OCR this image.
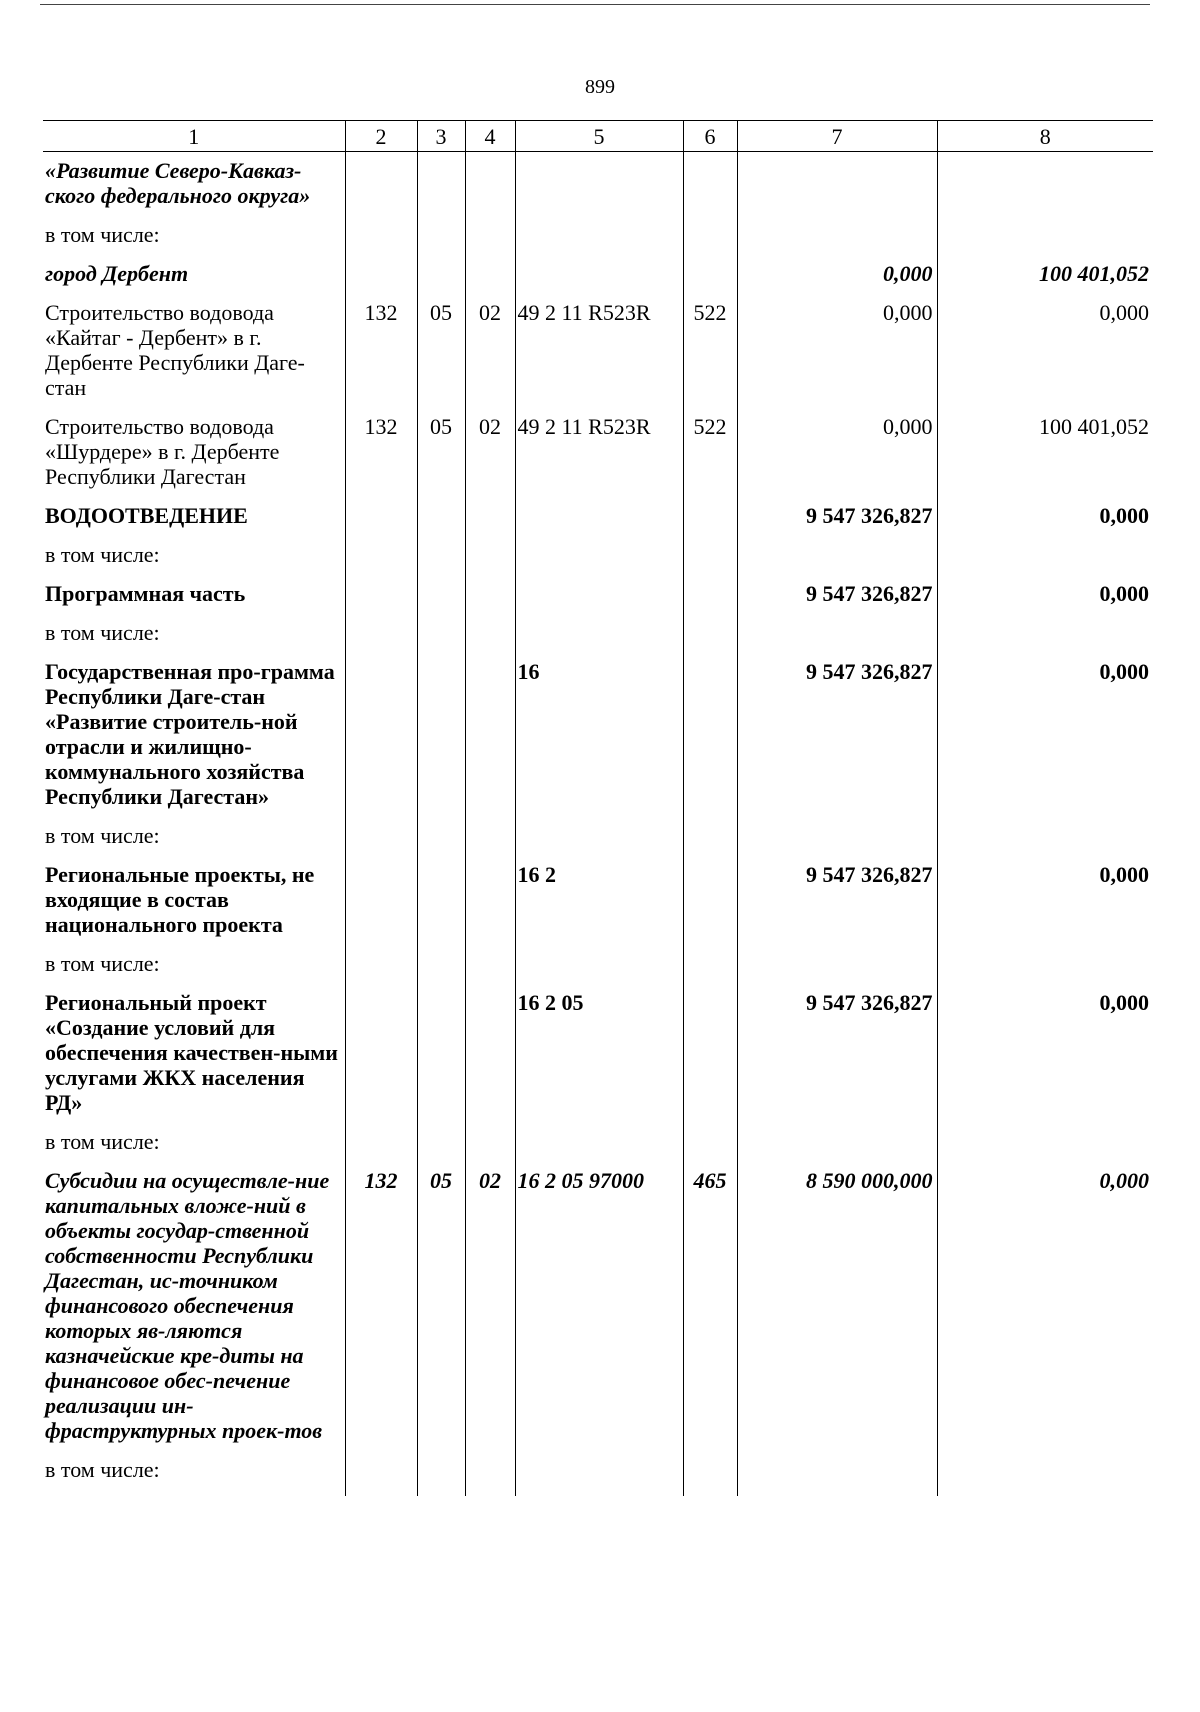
899
1	2	3	4	5	6	7	8
«Развитие Северо-Кавказ-ского федерального округа»							
в том числе:							
город Дербент						0,000	100 401,052
Строительство водовода «Кайтаг - Дербент» в г. Дербенте Республики Даге-стан	132	05	02	49 2 11 R523R	522	0,000	0,000
Строительство водовода «Шурдере» в г. Дербенте Республики Дагестан	132	05	02	49 2 11 R523R	522	0,000	100 401,052
ВОДООТВЕДЕНИЕ						9 547 326,827	0,000
в том числе:							
Программная часть						9 547 326,827	0,000
в том числе:							
Государственная про-грамма Республики Даге-стан «Развитие строитель-ной отрасли и жилищно-коммунального хозяйства Республики Дагестан»				16		9 547 326,827	0,000
в том числе:							
Региональные проекты, не входящие в состав национального проекта				16 2		9 547 326,827	0,000
в том числе:							
Региональный проект «Создание условий для обеспечения качествен-ными услугами ЖКХ населения РД»				16 2 05		9 547 326,827	0,000
в том числе:							
Субсидии на осуществле-ние капитальных вложе-ний в объекты государ-ственной собственности Республики Дагестан, ис-точником финансового обеспечения которых яв-ляются казначейские кре-диты на финансовое обес-печение реализации ин-фраструктурных проек-тов	132	05	02	16 2 05 97000	465	8 590 000,000	0,000
в том числе:							
